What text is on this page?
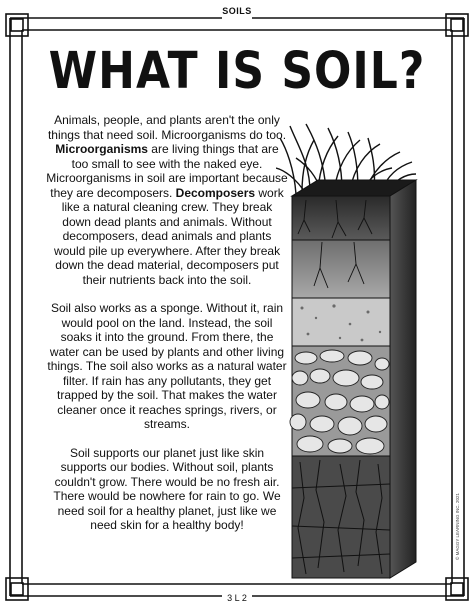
SOILS
WHAT IS SOIL?

Animals, people, and plants aren't the only things that need soil. Microorganisms do too. Microorganisms are living things that are too small to see with the naked eye. Microorganisms in soil are important because they are decomposers. Decomposers work like a natural cleaning crew. They break down dead plants and animals. Without decomposers, dead animals and plants would pile up everywhere. After they break down the dead material, decomposers put their nutrients back into the soil.

Soil also works as a sponge. Without it, rain would pool on the land. Instead, the soil soaks it into the ground. From there, the water can be used by plants and other living things. The soil also works as a natural water filter. If rain has any pollutants, they get trapped by the soil. That makes the water cleaner once it reaches springs, rivers, or streams.

Soil supports our planet just like skin supports our bodies. Without soil, plants couldn't grow. There would be no fresh air. There would be nowhere for rain to go. We need soil for a healthy planet, just like we need skin for a healthy body!

3 L 2
© MAGGY LEARNING INC. 2021
